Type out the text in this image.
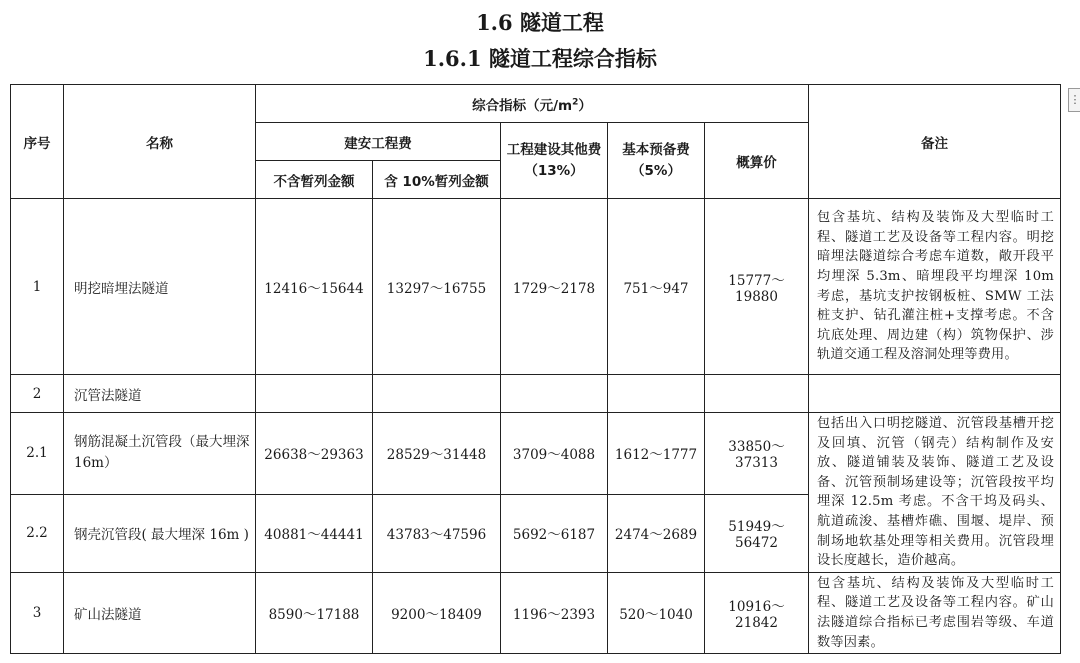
1.6 隧道工程
1.6.1 隧道工程综合指标
⋮
序号	名称	综合指标（元$/m^2$）					备注
		建安工程费		工程建设其他费（13%）	基本预备费（5%）	概算价	
		不含暂列金额	含 10%暂列金额				
1	明挖暗埋法隧道	12416～15644	13297～16755	1729～2178	751～947	15777～19880	包含基坑、结构及装饰及大型临时工程、隧道工艺及设备等工程内容。明挖暗埋法隧道综合考虑车道数，敞开段平均埋深 5.3m、暗埋段平均埋深 10m 考虑，基坑支护按钢板桩、SMW 工法桩支护、钻孔灌注桩+支撑考虑。不含坑底处理、周边建（构）筑物保护、涉轨道交通工程及溶洞处理等费用。
2	沉管法隧道						
2.1	钢筋混凝土沉管段（最大埋深 16m）	26638～29363	28529～31448	3709～4088	1612～1777	33850～37313	包括出入口明挖隧道、沉管段基槽开挖及回填、沉管（钢壳）结构制作及安放、隧道铺装及装饰、隧道工艺及设备、沉管预制场建设等；沉管段按平均埋深 12.5m 考虑。不含干坞及码头、航道疏浚、基槽炸礁、围堰、堤岸、预制场地软基处理等相关费用。沉管段埋设长度越长，造价越高。
2.2	钢壳沉管段( 最大埋深 16m )	40881～44441	43783～47596	5692～6187	2474～2689	51949～56472	
3	矿山法隧道	8590～17188	9200～18409	1196～2393	520～1040	10916～21842	包含基坑、结构及装饰及大型临时工程、隧道工艺及设备等工程内容。矿山法隧道综合指标已考虑围岩等级、车道数等因素。
